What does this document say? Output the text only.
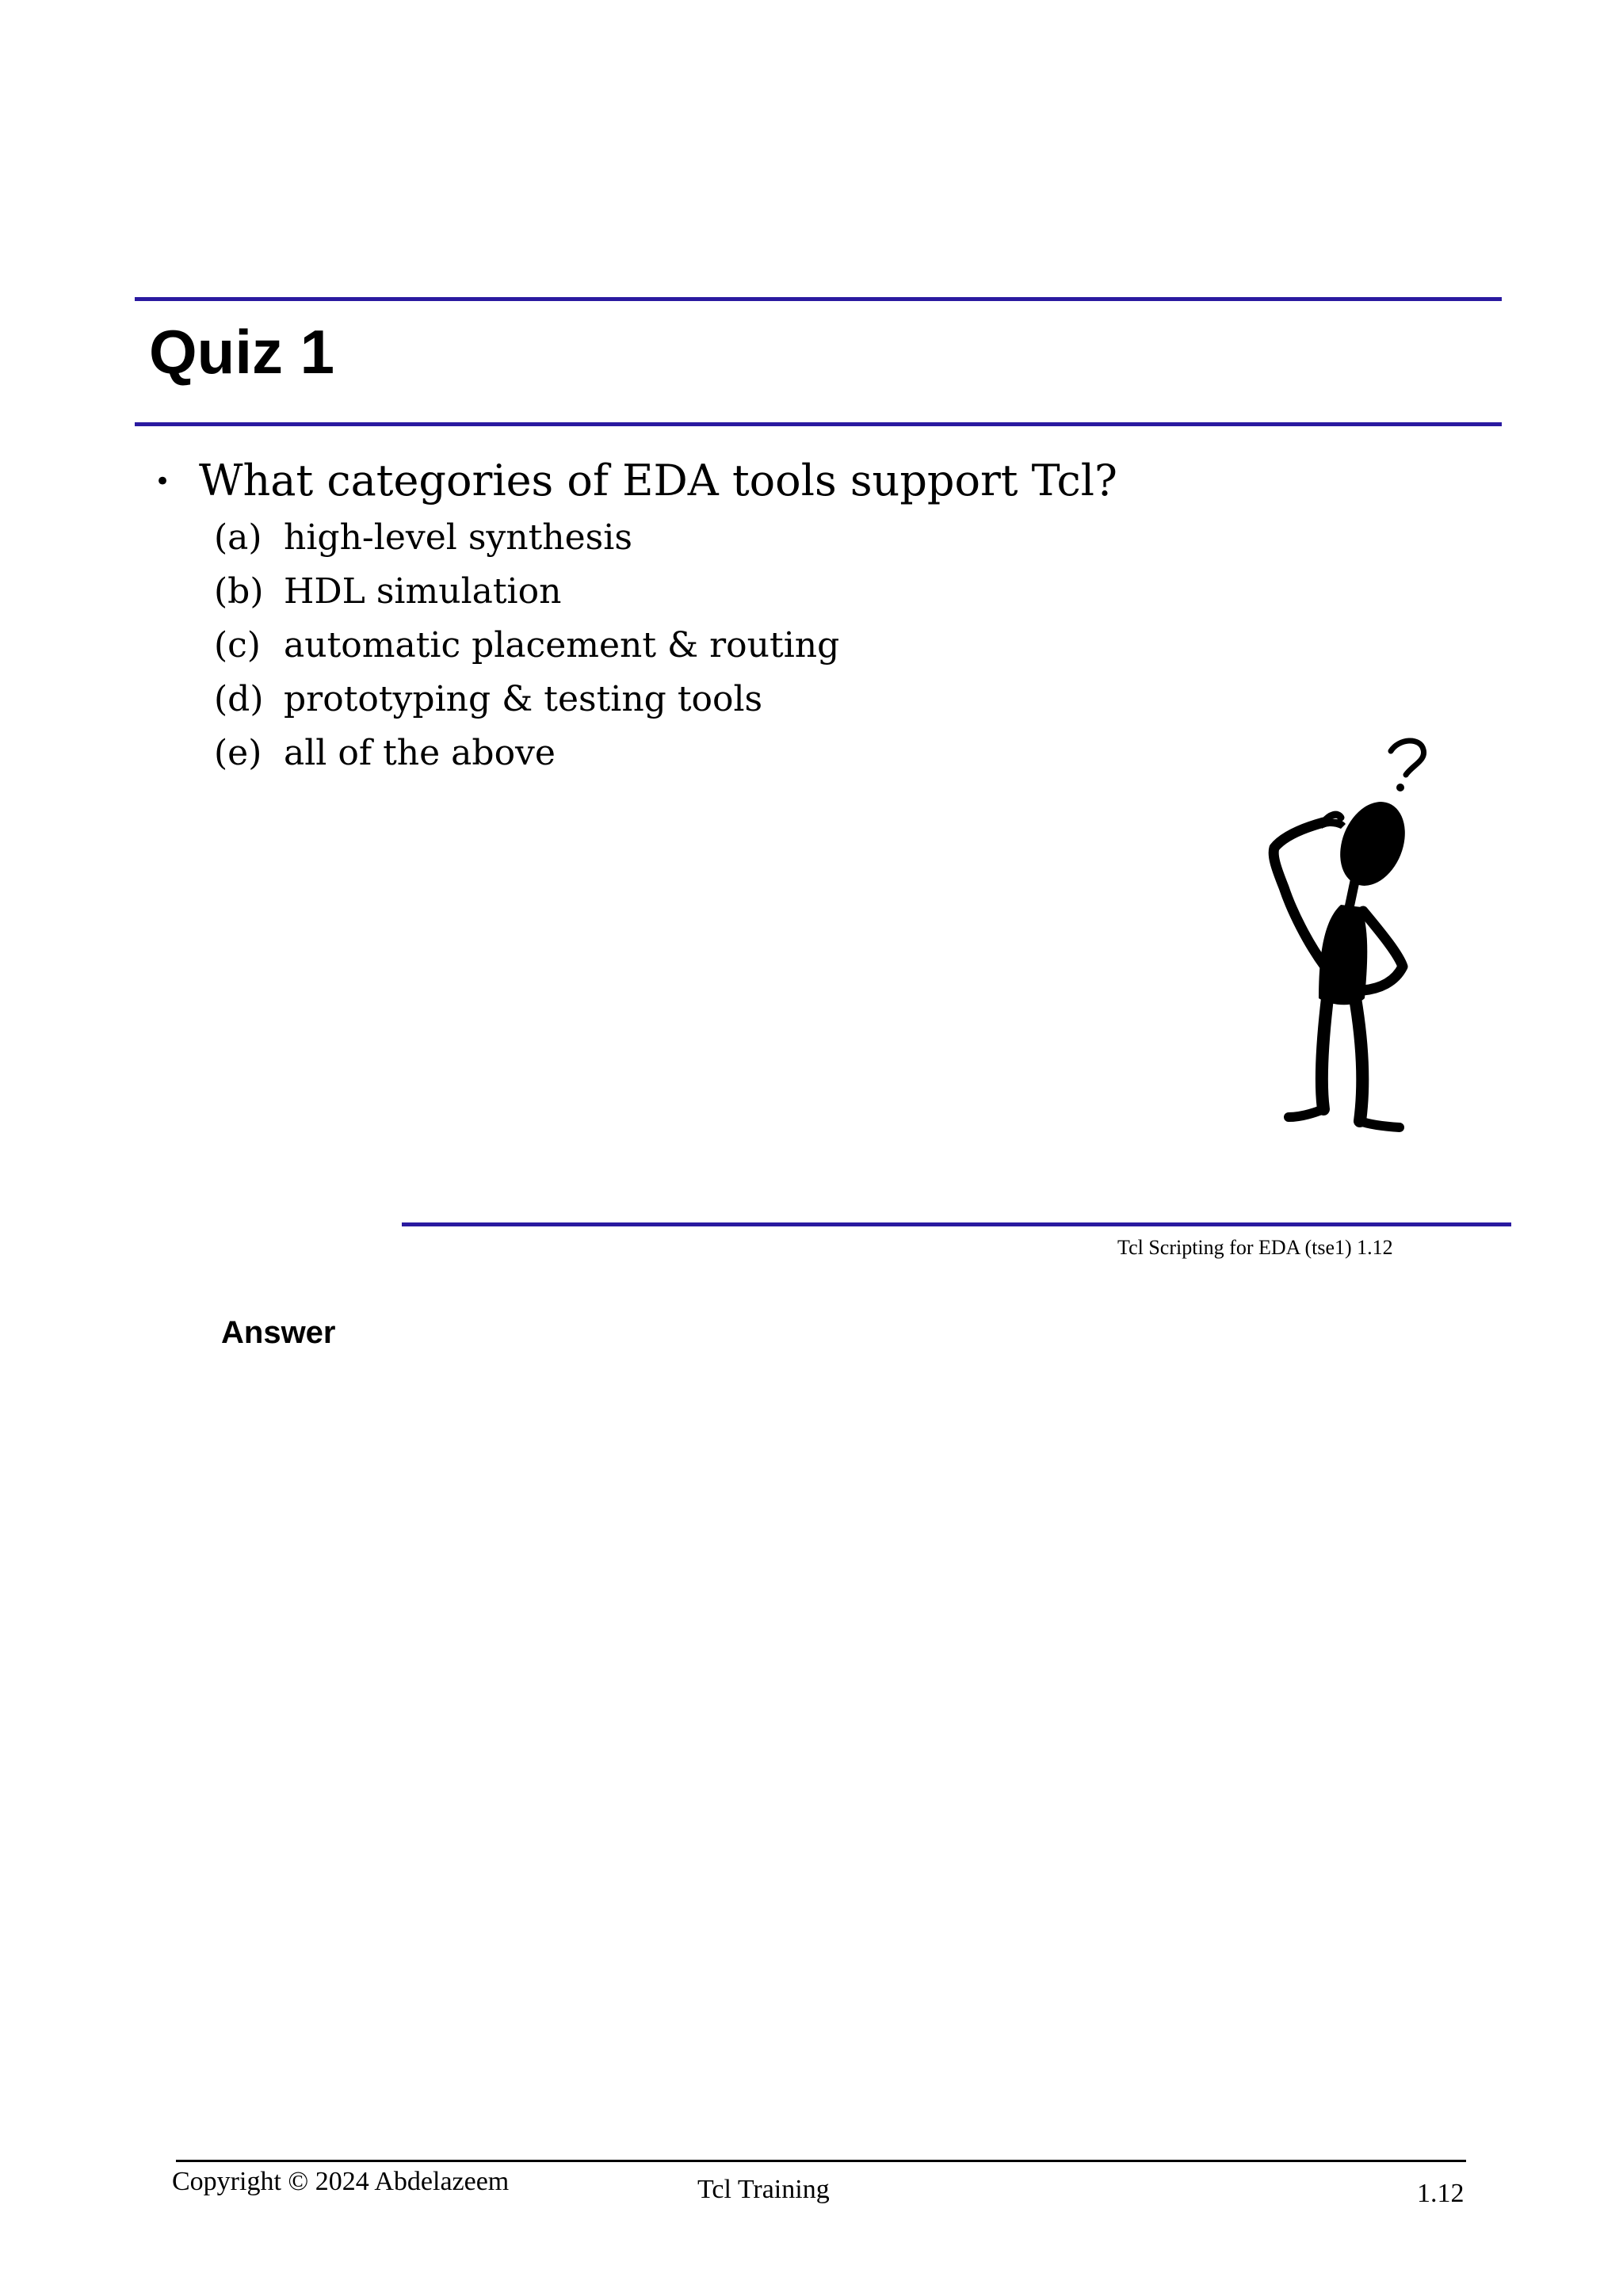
Quiz 1
• What categories of EDA tools support Tcl?
(a) high-level synthesis
(b) HDL simulation
(c) automatic placement & routing
(d) prototyping & testing tools
(e) all of the above
Tcl Scripting for EDA (tse1) 1.12
Answer
Copyright © 2024 Abdelazeem	Tcl Training	1.12
